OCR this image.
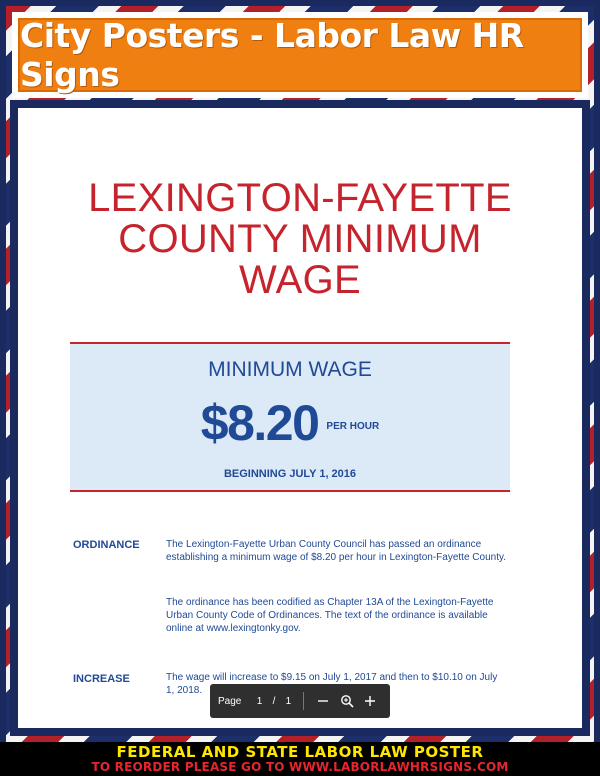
City Posters - Labor Law HR Signs
LEXINGTON-FAYETTE
COUNTY MINIMUM
WAGE
MINIMUM WAGE
$8.20 PER HOUR
BEGINNING JULY 1, 2016
ORDINANCE	The Lexington-Fayette Urban County Council has passed an ordinance establishing a minimum wage of $8.20 per hour in Lexington-Fayette County.
The ordinance has been codified as Chapter 13A of the Lexington-Fayette Urban County Code of Ordinances. The text of the ordinance is available online at www.lexingtonky.gov.
INCREASE	The wage will increase to $9.15 on July 1, 2017 and then to $10.10 on July 1, 2018.
Page	1	/	1
FEDERAL AND STATE LABOR LAW POSTER
TO REORDER PLEASE GO TO WWW.LABORLAWHRSIGNS.COM
